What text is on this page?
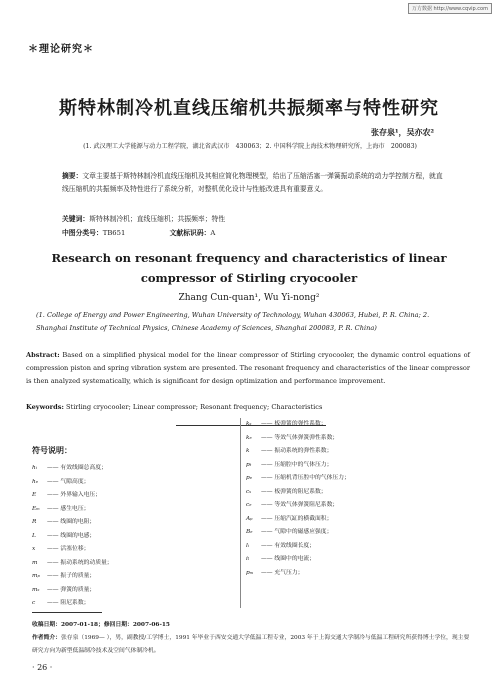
万方数据 http://www.cqvip.com
＊理论研究＊
斯特林制冷机直线压缩机共振频率与特性研究
张存泉¹，吴亦农²
(1. 武汉理工大学能源与动力工程学院，湖北省武汉市　430063；2. 中国科学院上海技术物理研究所，上海市　200083)
摘要：文章主要基于斯特林制冷机直线压缩机及其相应简化物理模型，给出了压缩活塞一弹簧振动系统的动力学控制方程，就直线压缩机的共振频率及特性进行了系统分析，对整机优化设计与性能改进具有重要意义。
关键词：斯特林制冷机；直线压缩机；共振频率；特性
中图分类号：TB651	文献标识码：A
Research on resonant frequency and characteristics of linear
compressor of Stirling cryocooler
Zhang Cun-quan¹, Wu Yi-nong²
(1. College of Energy and Power Engineering, Wuhan University of Technology, Wuhan 430063, Hubei, P. R. China; 2. Shanghai Institute of Technical Physics, Chinese Academy of Sciences, Shanghai 200083, P. R. China)
Abstract: Based on a simplified physical model for the linear compressor of Stirling cryocooler, the dynamic control equations of compression piston and spring vibration system are presented. The resonant frequency and characteristics of the linear compressor is then analyzed systematically, which is significant for design optimization and performance improvement.
Keywords: Stirling cryocooler; Linear compressor; Resonant frequency; Characteristics
符号说明：
hᵢ	—— 有效线圈总高度；
hₑ	—— 气隙高度；
E	—— 外界输入电压；
Eₘ	—— 感生电压；
R	—— 线圈的电阻；
L	—— 线圈的电感；
x	—— 活塞位移；
m	—— 振动系统的动质量；
mₚ	—— 振子的质量；
mₛ	—— 弹簧的质量；
c	—— 阻尼系数；
kₛ	—— 板弹簧的弹性系数；
kₑ	—— 等效气体弹簧弹性系数；
k	—— 振动系统的弹性系数；
pₜ	—— 压缩腔中的气体压力；
pₑ	—— 压缩机背压腔中的气体压力；
cₛ	—— 板弹簧的阻尼系数；
cₑ	—— 等效气体弹簧阻尼系数；
Aₚ	—— 压缩汽缸的横截面积；
Bₑ	—— 气隙中的磁感应强度；
lᵢ	—— 有效线圈长度；
iₗ	—— 线圈中的电流；
pₘ	—— 充气压力；
收稿日期：2007-01-18；修回日期：2007-06-15
作者简介：张存泉（1969— ），男，副教授/工学博士，1991 年毕业于西安交通大学低温工程专业，2003 年于上海交通大学制冷与低温工程研究所获得博士学位，现主要研究方向为新型低温制冷技术及空间气体制冷机。
· 26 ·
